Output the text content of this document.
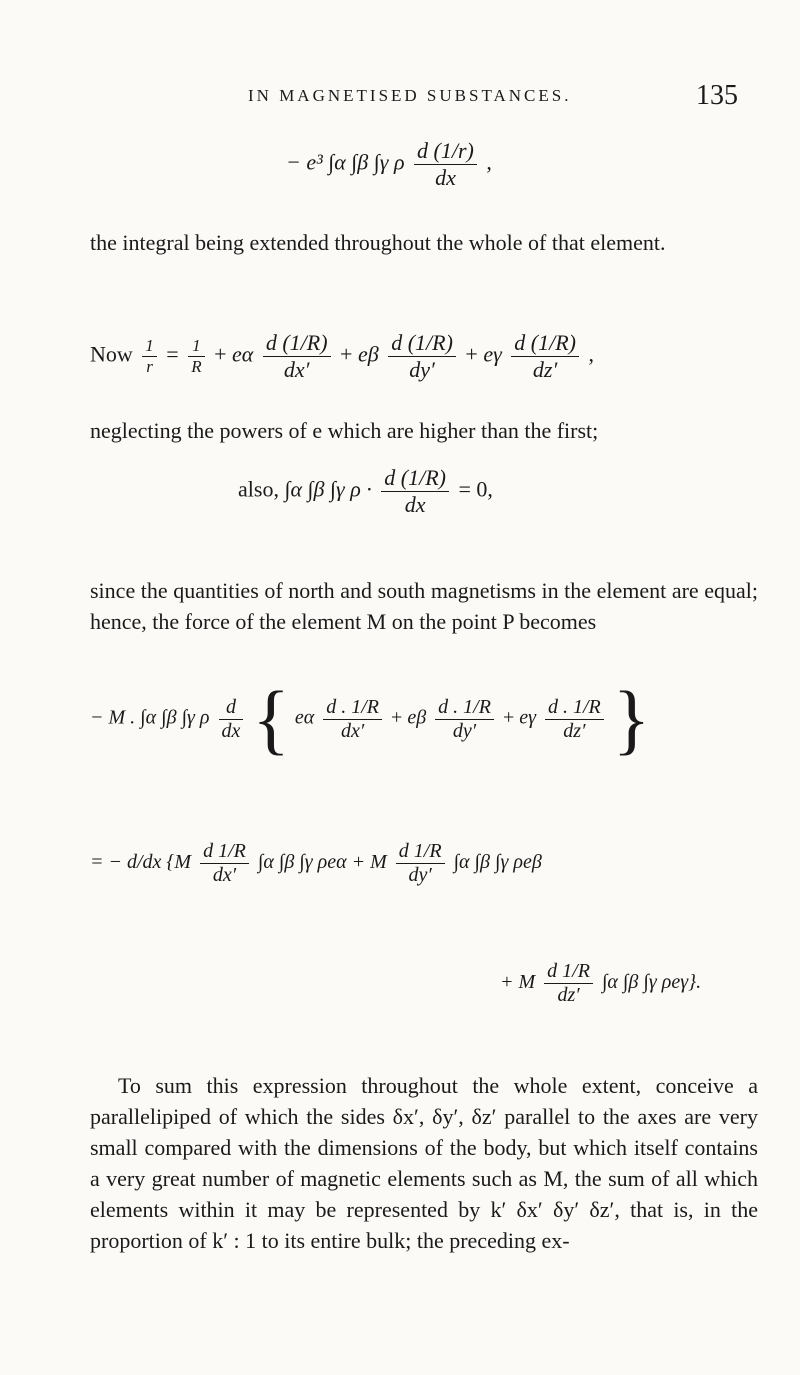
IN MAGNETISED SUBSTANCES.	135
− e³ ∫α ∫β ∫γ ρ $\frac{d (1/r)}{dx}$ ,

the integral being extended throughout the whole of that element.

Now $\frac{1}{r} = \frac{1}{R} + e\alpha \frac{d (1/R)}{dx'} + e\beta \frac{d (1/R)}{dy'} + e\gamma \frac{d (1/R)}{dz'}$ ,

neglecting the powers of e which are higher than the first;

also, ∫α ∫β ∫γ $\rho \cdot \frac{d (1/R)}{dx} = 0$,

since the quantities of north and south magnetisms in the element are equal; hence, the force of the element M on the point P becomes

− M . ∫α ∫β ∫γ ρ $\frac{d}{dx}$ { eα $\frac{d . 1/R}{dx'} + e\beta \frac{d . 1/R}{dy'} + e\gamma \frac{d . 1/R}{dz'}$ }
= − d/dx {$M \frac{d 1/R}{dx'} \int\alpha$ ∫β ∫γ ρeα + M $\frac{d 1/R}{dy'} \int\alpha$ ∫β ∫γ ρeβ
+ M $\frac{d 1/R}{dz'} \int\alpha$ ∫β ∫γ ρeγ}.

To sum this expression throughout the whole extent, conceive a parallelipiped of which the sides δx′, δy′, δz′ parallel to the axes are very small compared with the dimensions of the body, but which itself contains a very great number of magnetic elements such as M, the sum of all which elements within it may be represented by k′ δx′ δy′ δz′, that is, in the proportion of k′ : 1 to its entire bulk; the preceding ex-
